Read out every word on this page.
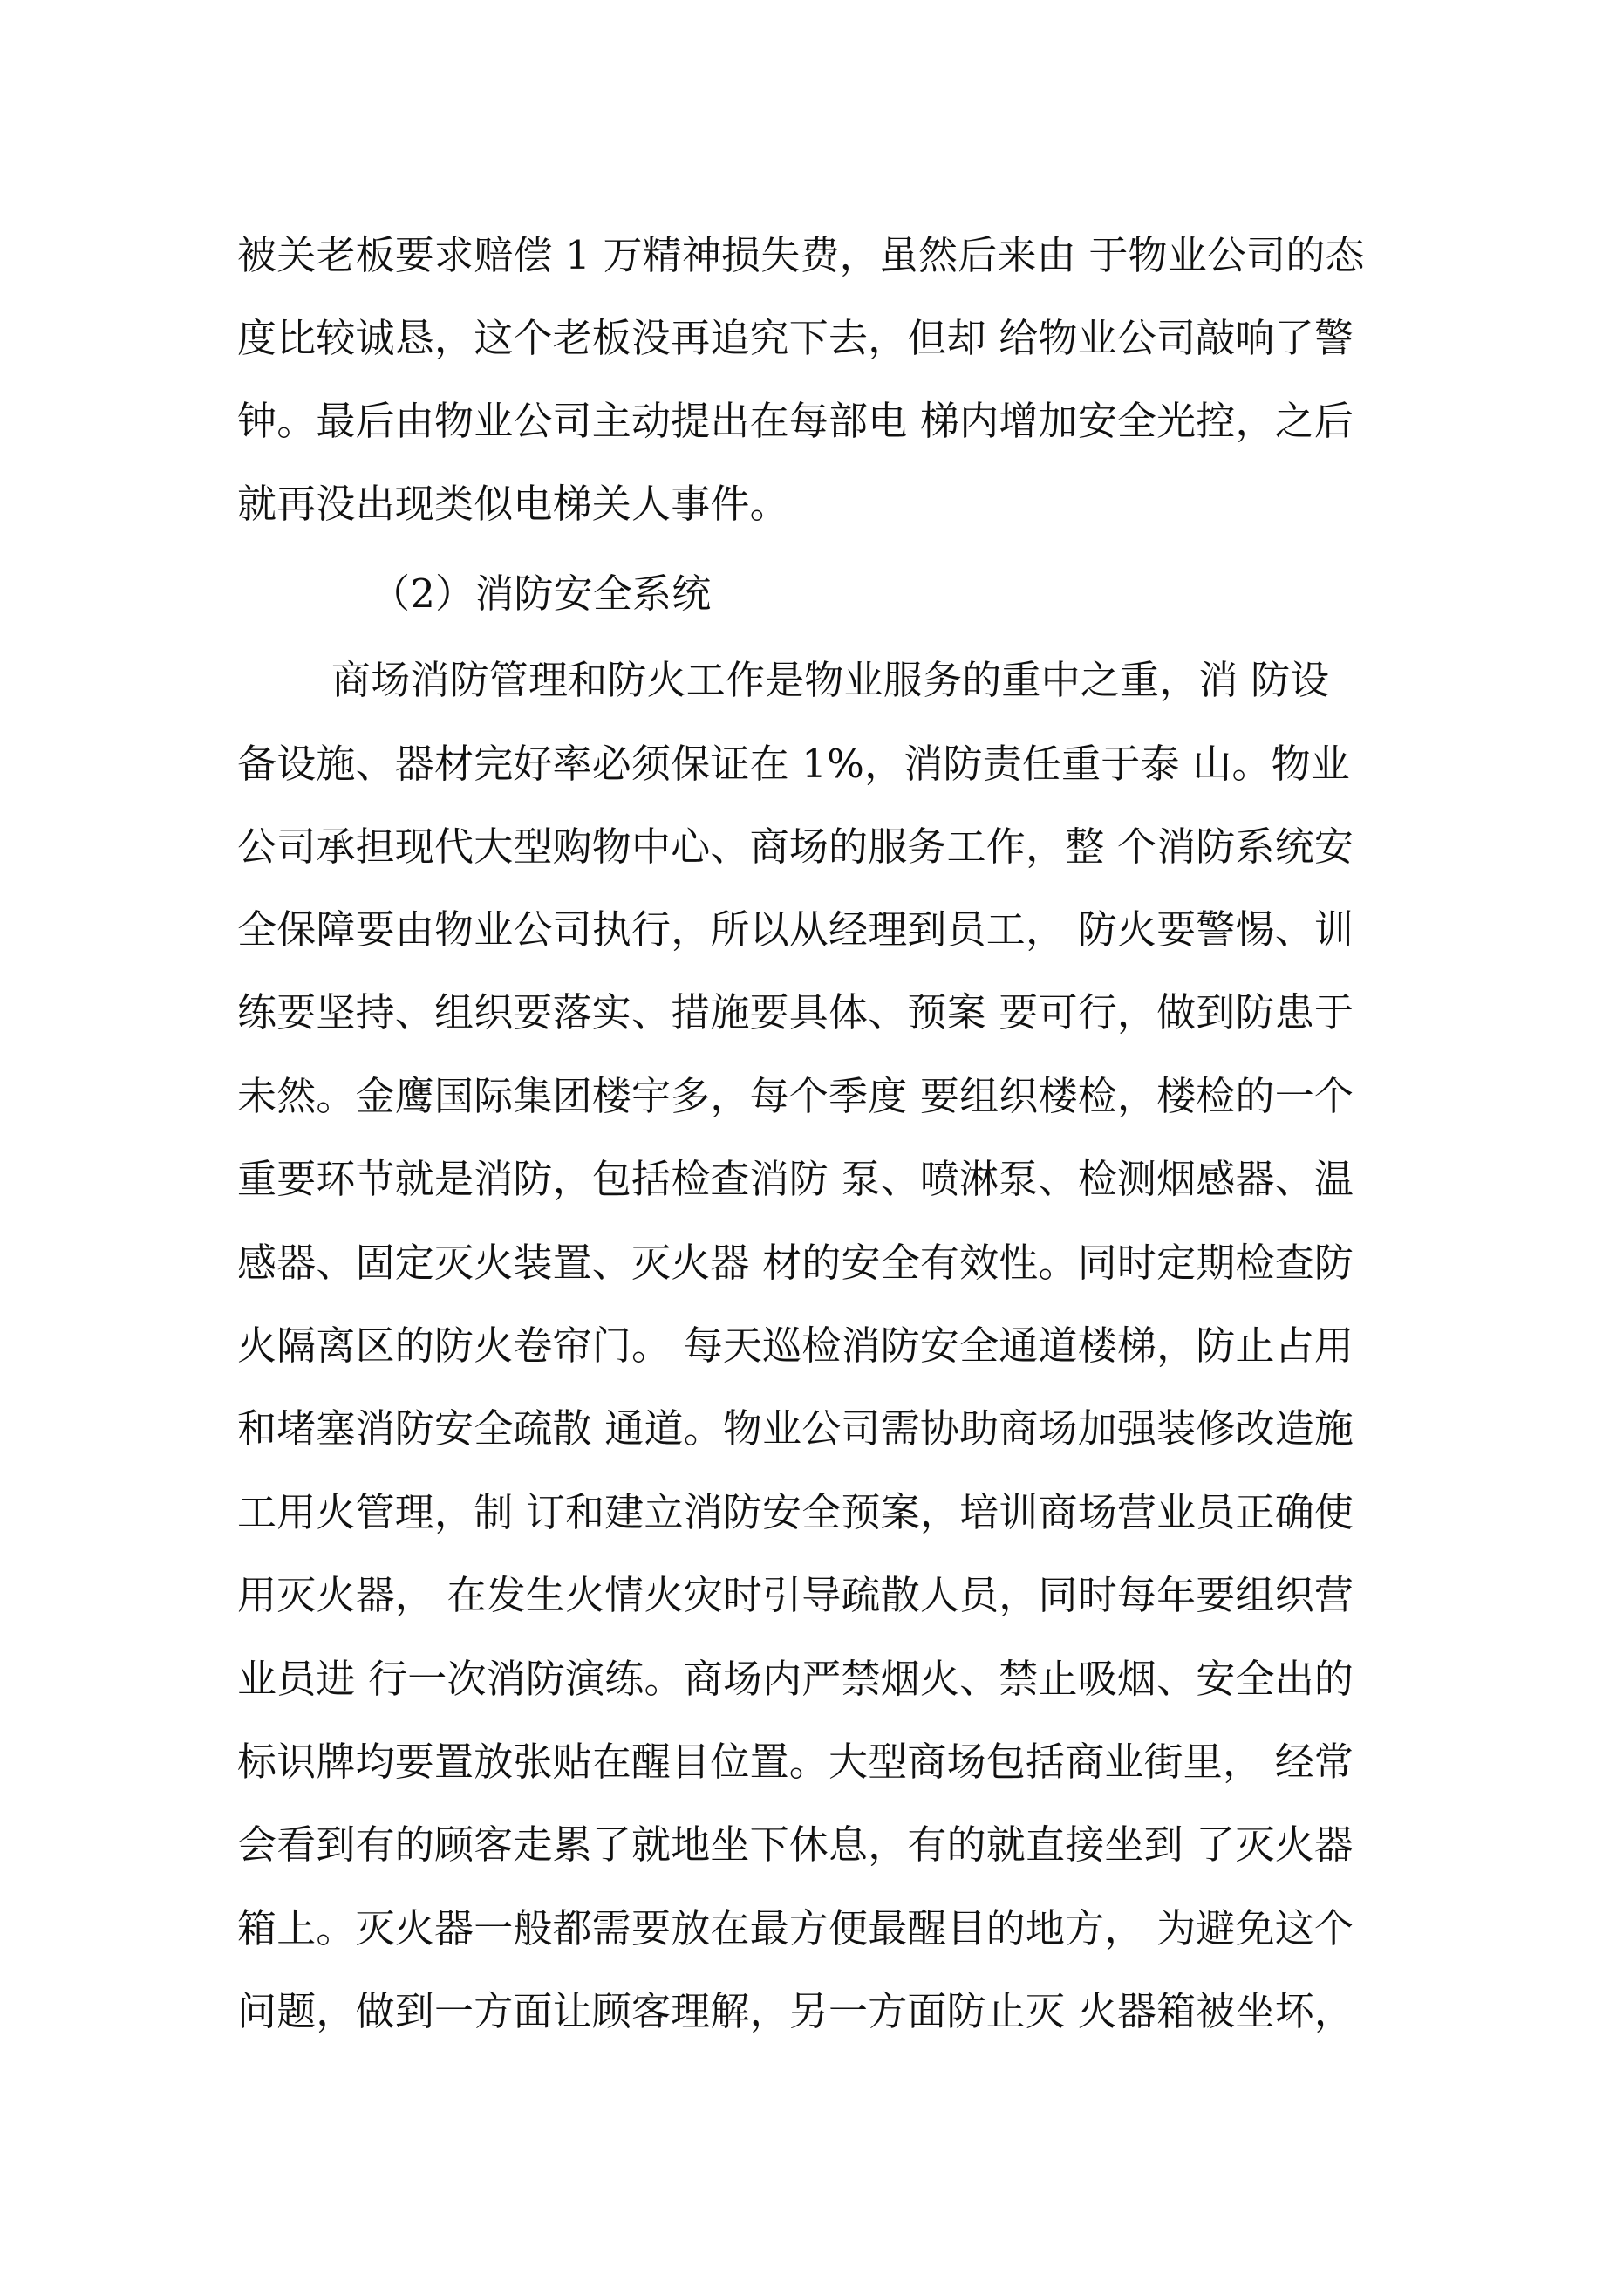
被关老板要求赔偿 1 万精神损失费，虽然后来由 于物业公司的态
度比较诚恳，这个老板没再追究下去，但却 给物业公司敲响了警
钟。最后由物业公司主动提出在每部电 梯内增加安全光控，之后
就再没出现类似电梯关人事件。
（2）消防安全系统
商场消防管理和防火工作是物业服务的重中之重，消 防设
备设施、器材完好率必须保证在 1%，消防责任重于泰 山。物业
公司承担现代大型购物中心、商场的服务工作，整 个消防系统安
全保障要由物业公司执行，所以从经理到员工， 防火要警惕、训
练要坚持、组织要落实、措施要具体、预案 要可行，做到防患于
未然。金鹰国际集团楼宇多，每个季度 要组织楼检，楼检的一个
重要环节就是消防，包括检查消防 泵、喷淋泵、检测烟感器、温
感器、固定灭火装置、灭火器 材的安全有效性。同时定期检查防
火隔离区的防火卷帘门。 每天巡检消防安全通道楼梯，防止占用
和堵塞消防安全疏散 通道。物业公司需协助商场加强装修改造施
工用火管理，制 订和建立消防安全预案，培训商场营业员正确使
用灭火器， 在发生火情火灾时引导疏散人员，同时每年要组织营
业员进 行一次消防演练。商场内严禁烟火、禁止吸烟、安全出的
标识牌均要置放张贴在醒目位置。大型商场包括商业街里， 经常
会看到有的顾客走累了就地坐下休息，有的就直接坐到 了灭火器
箱上。灭火器一般都需要放在最方便最醒目的地方， 为避免这个
问题，做到一方面让顾客理解，另一方面防止灭 火器箱被坐坏，
